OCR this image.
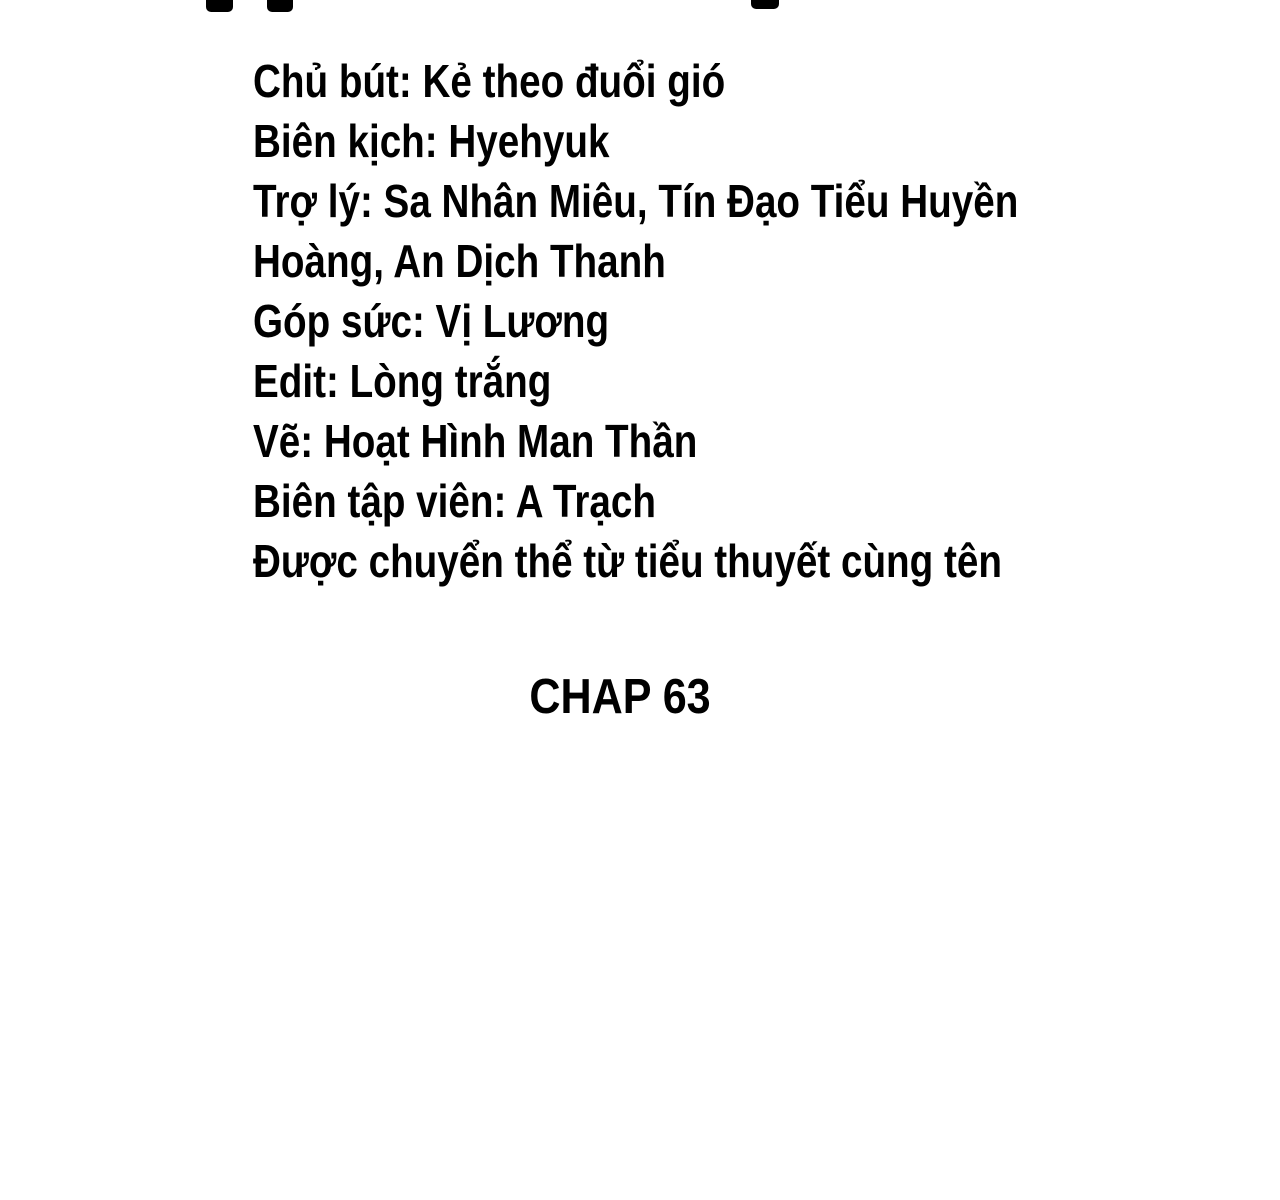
Chủ bút: Kẻ theo đuổi gió
Biên kịch: Hyehyuk
Trợ lý: Sa Nhân Miêu, Tín Đạo Tiểu Huyền
Hoàng, An Dịch Thanh
Góp sức: Vị Lương
Edit: Lòng trắng
Vẽ: Hoạt Hình Man Thần
Biên tập viên: A Trạch
Được chuyển thể từ tiểu thuyết cùng tên
CHAP 63
